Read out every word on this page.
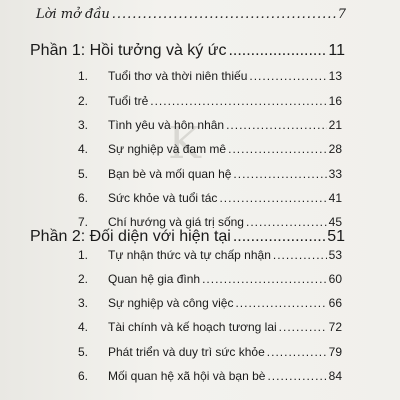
K
Lời mở đầu .....	7
Phần 1: Hồi tưởng và ký ức .....	11
1.	Tuổi thơ và thời niên thiếu .....	13
2.	Tuổi trẻ .....	16
3.	Tình yêu và hôn nhân .....	21
4.	Sự nghiệp và đam mê .....	28
5.	Bạn bè và mối quan hệ .....	33
6.	Sức khỏe và tuổi tác .....	41
7.	Chí hướng và giá trị sống .....	45
Phần 2: Đối diện với hiện tại .....	51
1.	Tự nhận thức và tự chấp nhận .....	53
2.	Quan hệ gia đình .....	60
3.	Sự nghiệp và công việc .....	66
4.	Tài chính và kế hoạch tương lai .....	72
5.	Phát triển và duy trì sức khỏe .....	79
6.	Mối quan hệ xã hội và bạn bè .....	84
